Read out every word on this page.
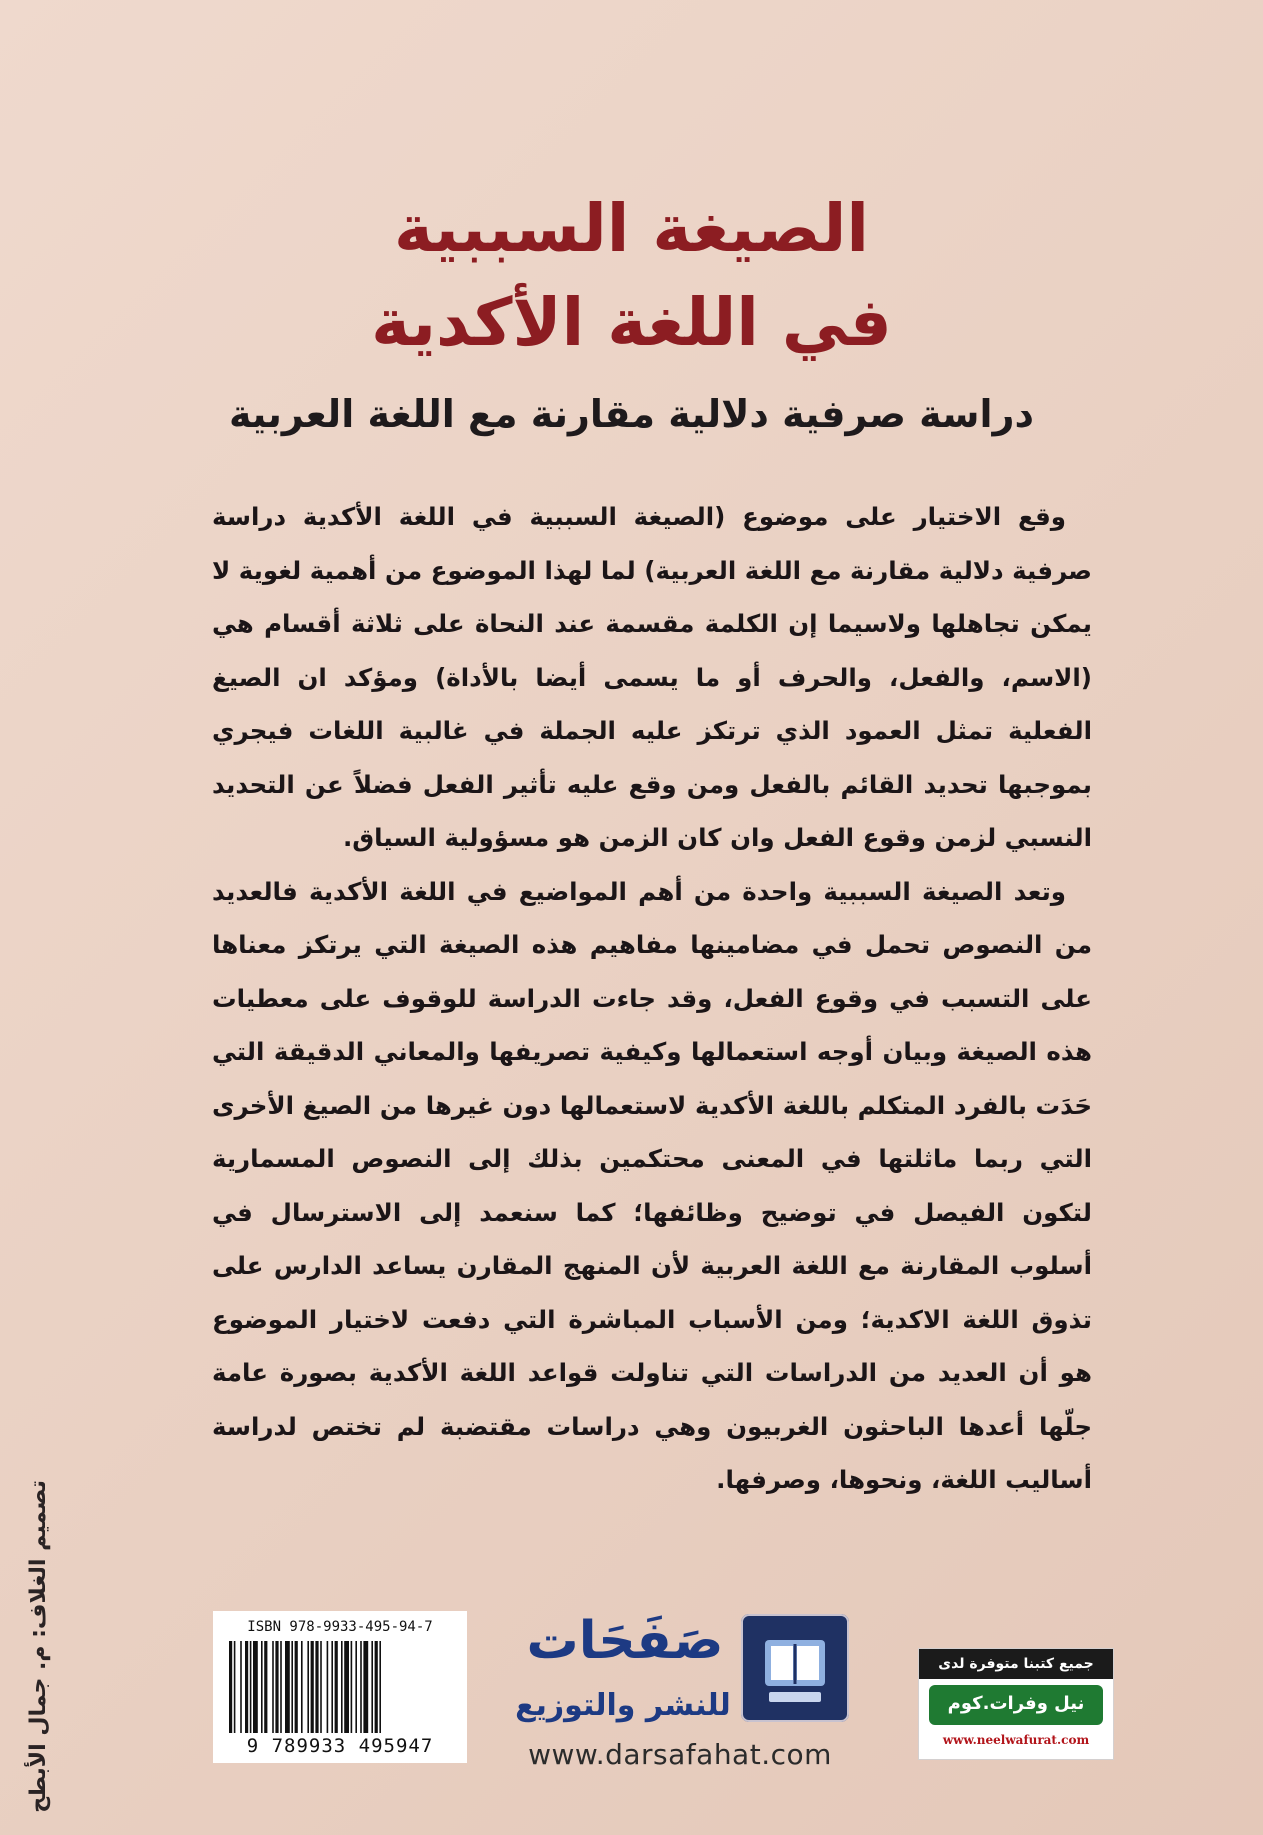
الصيغة السببية
في اللغة الأكدية
دراسة صرفية دلالية مقارنة مع اللغة العربية

وقع الاختيار على موضوع (الصيغة السببية في اللغة الأكدية دراسة صرفية دلالية مقارنة مع اللغة العربية) لما لهذا الموضوع من أهمية لغوية لا يمكن تجاهلها ولاسيما إن الكلمة مقسمة عند النحاة على ثلاثة أقسام هي (الاسم، والفعل، والحرف أو ما يسمى أيضا بالأداة) ومؤكد ان الصيغ الفعلية تمثل العمود الذي ترتكز عليه الجملة في غالبية اللغات فيجري بموجبها تحديد القائم بالفعل ومن وقع عليه تأثير الفعل فضلاً عن التحديد النسبي لزمن وقوع الفعل وان كان الزمن هو مسؤولية السياق.

وتعد الصيغة السببية واحدة من أهم المواضيع في اللغة الأكدية فالعديد من النصوص تحمل في مضامينها مفاهيم هذه الصيغة التي يرتكز معناها على التسبب في وقوع الفعل، وقد جاءت الدراسة للوقوف على معطيات هذه الصيغة وبيان أوجه استعمالها وكيفية تصريفها والمعاني الدقيقة التي حَدَت بالفرد المتكلم باللغة الأكدية لاستعمالها دون غيرها من الصيغ الأخرى التي ربما ماثلتها في المعنى محتكمين بذلك إلى النصوص المسمارية لتكون الفيصل في توضيح وظائفها؛ كما سنعمد إلى الاسترسال في أسلوب المقارنة مع اللغة العربية لأن المنهج المقارن يساعد الدارس على تذوق اللغة الاكدية؛ ومن الأسباب المباشرة التي دفعت لاختيار الموضوع هو أن العديد من الدراسات التي تناولت قواعد اللغة الأكدية بصورة عامة جلّها أعدها الباحثون الغربيون وهي دراسات مقتضبة لم تختص لدراسة أساليب اللغة، ونحوها، وصرفها.

تصميم الغلاف: م. جمال الأبطح	ISBN 978-9933-495-94-7
9 789933 495947
صَفَحَات
للنشر والتوزيع
www.darsafahat.com
جميع كتبنا متوفرة لدى
نيل وفرات.كوم
www.neelwafurat.com
